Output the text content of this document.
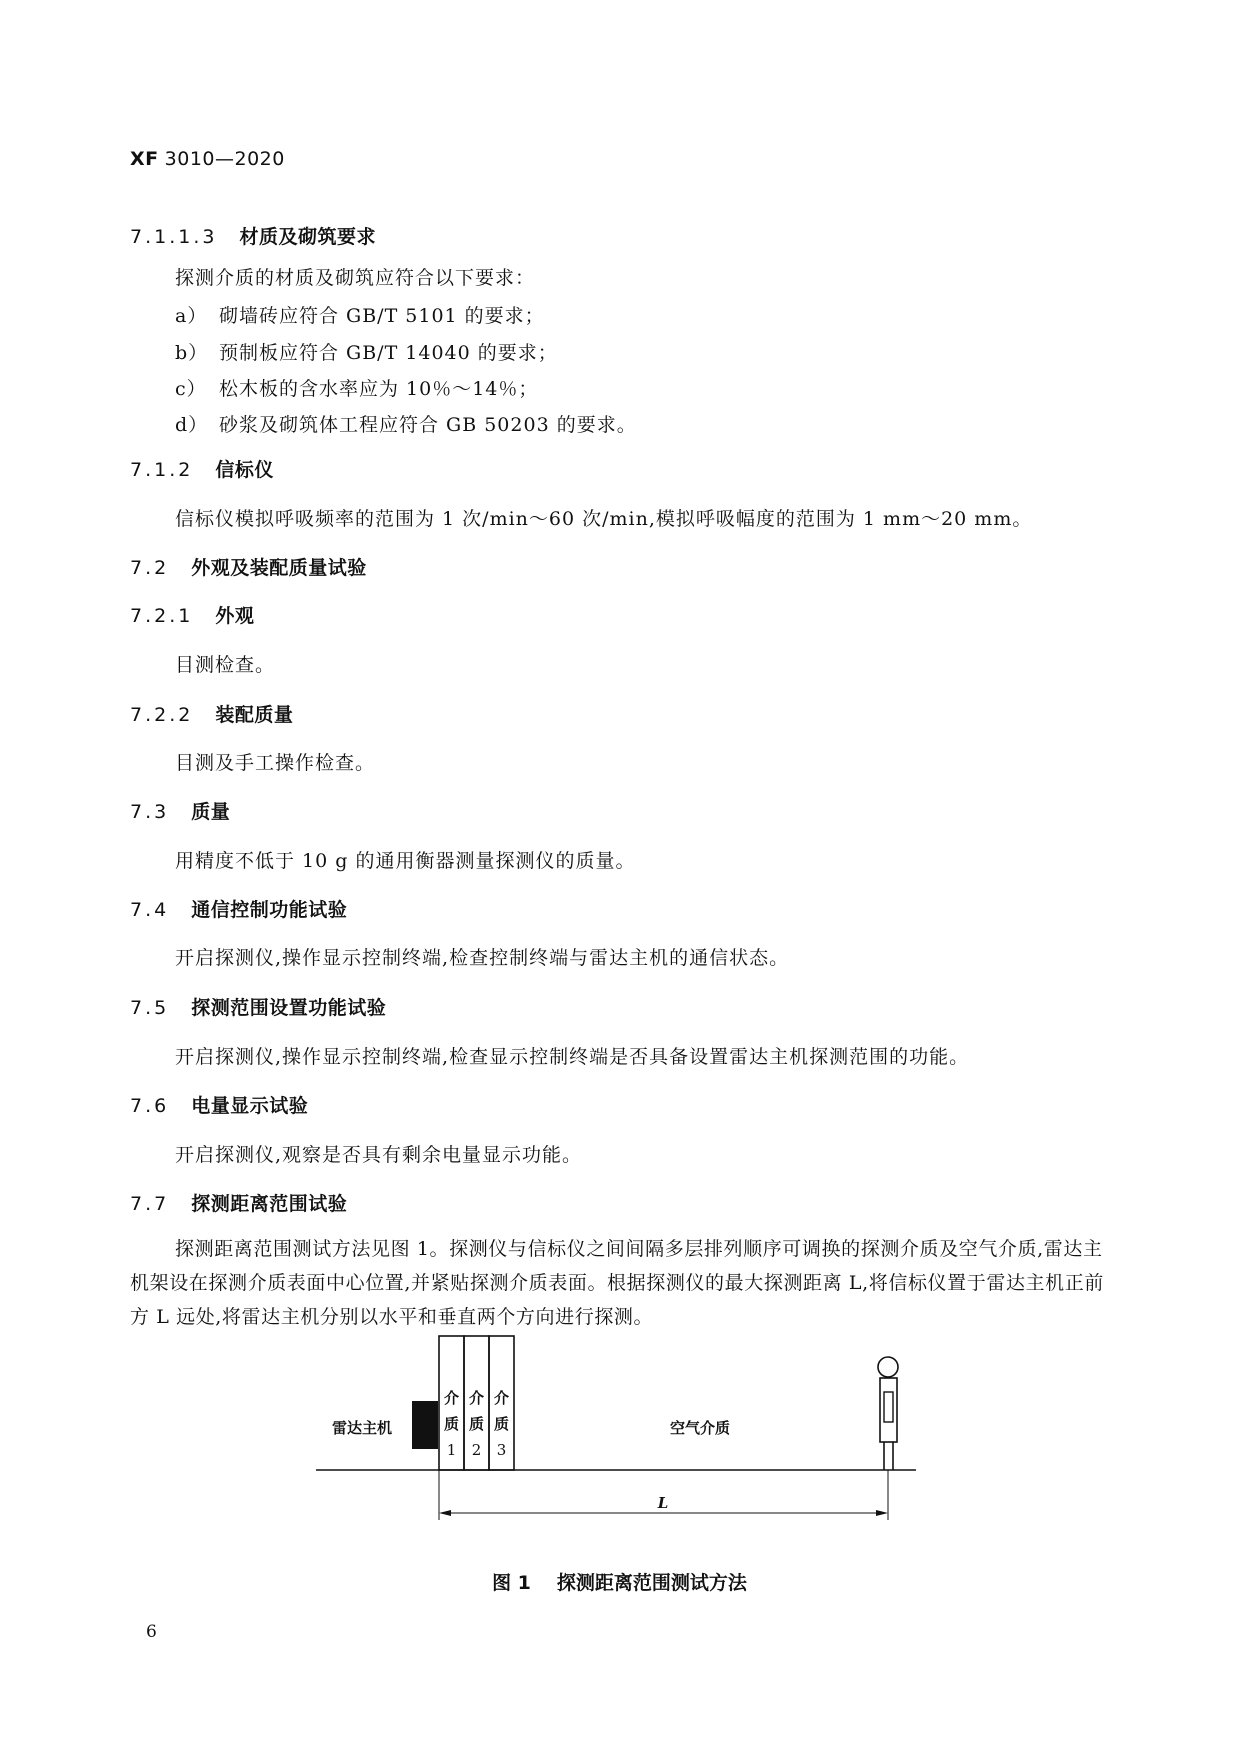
XF 3010—2020
7.1.1.3 材质及砌筑要求
探测介质的材质及砌筑应符合以下要求：
a） 砌墙砖应符合 GB/T 5101 的要求；
b） 预制板应符合 GB/T 14040 的要求；
c） 松木板的含水率应为 10％～14％；
d） 砂浆及砌筑体工程应符合 GB 50203 的要求。
7.1.2 信标仪
信标仪模拟呼吸频率的范围为 1 次/min～60 次/min,模拟呼吸幅度的范围为 1 mm～20 mm。
7.2 外观及装配质量试验
7.2.1 外观
目测检查。
7.2.2 装配质量
目测及手工操作检查。
7.3 质量
用精度不低于 10 g 的通用衡器测量探测仪的质量。
7.4 通信控制功能试验
开启探测仪,操作显示控制终端,检查控制终端与雷达主机的通信状态。
7.5 探测范围设置功能试验
开启探测仪,操作显示控制终端,检查显示控制终端是否具备设置雷达主机探测范围的功能。
7.6 电量显示试验
开启探测仪,观察是否具有剩余电量显示功能。
7.7 探测距离范围试验
探测距离范围测试方法见图 1。探测仪与信标仪之间间隔多层排列顺序可调换的探测介质及空气介质,雷达主机架设在探测介质表面中心位置,并紧贴探测介质表面。根据探测仪的最大探测距离 L,将信标仪置于雷达主机正前方 L 远处,将雷达主机分别以水平和垂直两个方向进行探测。
雷达主机
介
质
1
介
质
2
介
质
3
空气介质
L
图 1 探测距离范围测试方法
6
